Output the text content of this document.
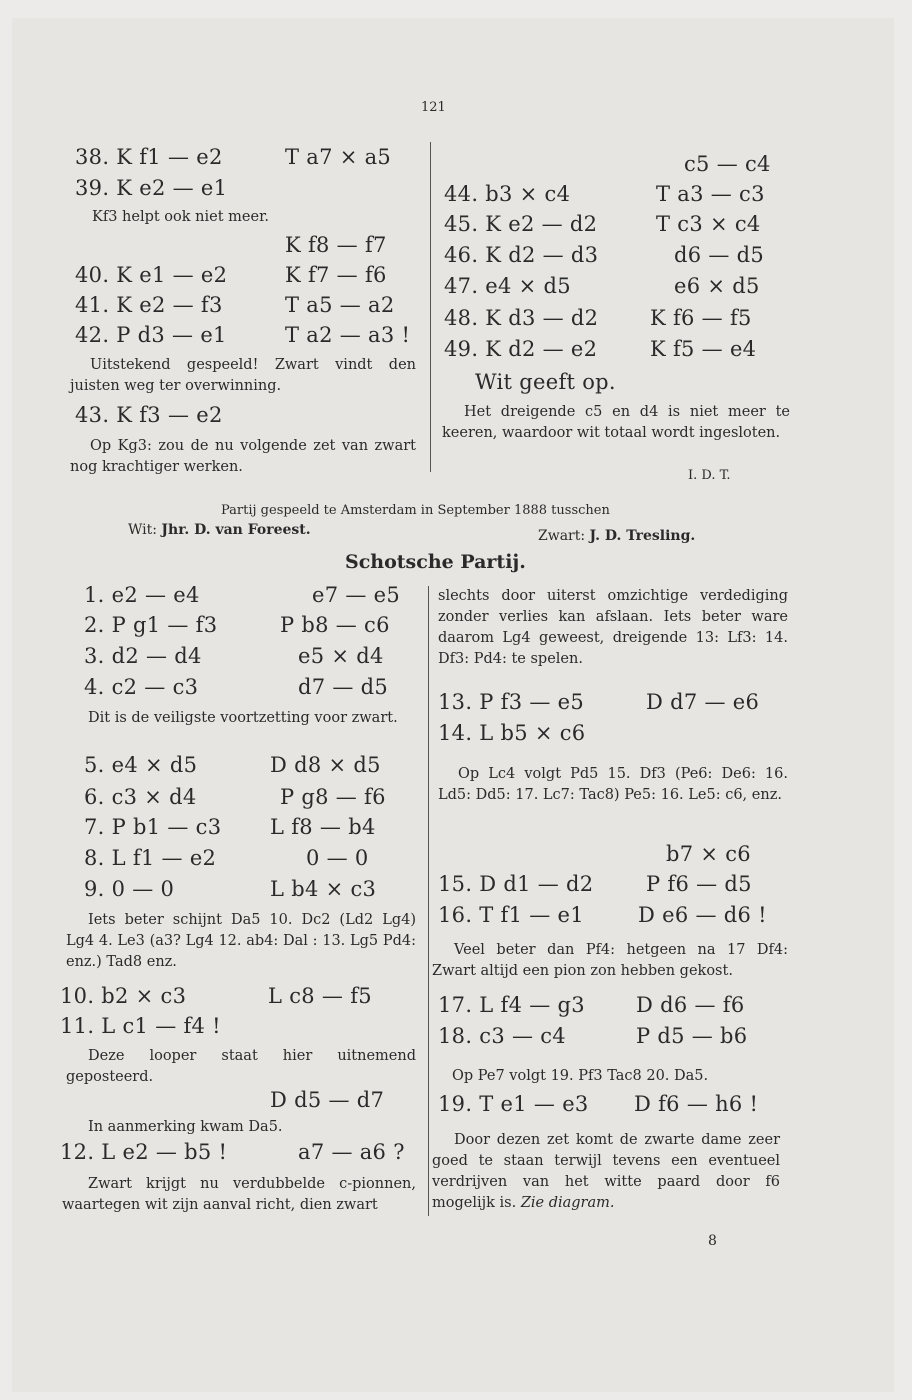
121
38. K f1 — e2	T a7 × a5
39. K e2 — e1
Kf3 helpt ook niet meer.
K f8 — f7
40. K e1 — e2	K f7 — f6
41. K e2 — f3	T a5 — a2
42. P d3 — e1	T a2 — a3 !
Uitstekend gespeeld! Zwart vindt den juisten weg ter overwinning.
43. K f3 — e2
Op Kg3: zou de nu volgende zet van zwart nog krachtiger werken.
c5 — c4
44. b3 × c4	T a3 — c3
45. K e2 — d2	T c3 × c4
46. K d2 — d3	d6 — d5
47. e4 × d5	e6 × d5
48. K d3 — d2 K f6 — f5
49. K d2 — e2	K f5 — e4
Wit geeft op.
Het dreigende c5 en d4 is niet meer te keeren, waardoor wit totaal wordt ingesloten.
I. D. T.
Partij gespeeld te Amsterdam in September 1888 tusschen
Wit: Jhr. D. van Foreest.	Zwart: J. D. Tresling.
Schotsche Partij.
1. e2 — e4	e7 — e5
2. P g1 — f3	P b8 — c6
3. d2 — d4	e5 × d4
4. c2 — c3	d7 — d5
Dit is de veiligste voortzetting voor zwart.
5. e4 × d5	D d8 × d5
6. c3 × d4	P g8 — f6
7. P b1 — c3 L f8 — b4
8. L f1 — e2	0 — 0
9. 0 — 0	L b4 × c3
Iets beter schijnt Da5 10. Dc2 (Ld2 Lg4) Lg4 4. Le3 (a3? Lg4 12. ab4: Dal : 13. Lg5 Pd4: enz.) Tad8 enz.
10. b2 × c3	L c8 — f5
11. L c1 — f4 !
Deze looper staat hier uitnemend geposteerd.
D d5 — d7
In aanmerking kwam Da5.
12. L e2 — b5 !	a7 — a6 ?
Zwart krijgt nu verdubbelde c-pionnen, waartegen wit zijn aanval richt, dien zwart
slechts door uiterst omzichtige verdediging zonder verlies kan afslaan. Iets beter ware daarom Lg4 geweest, dreigende 13: Lf3: 14. Df3: Pd4: te spelen.
13. P f3 — e5	D d7 — e6
14. L b5 × c6
Op Lc4 volgt Pd5 15. Df3 (Pe6: De6: 16. Ld5: Dd5: 17. Lc7: Tac8) Pe5: 16. Le5: c6, enz.
b7 × c6
15. D d1 — d2	P f6 — d5
16. T f1 — e1	D e6 — d6 !
Veel beter dan Pf4: hetgeen na 17 Df4: Zwart altijd een pion zon hebben gekost.
17. L f4 — g3 D d6 — f6
18. c3 — c4	P d5 — b6
Op Pe7 volgt 19. Pf3 Tac8 20. Da5.
19. T e1 — e3 D f6 — h6 !
Door dezen zet komt de zwarte dame zeer goed te staan terwijl tevens een eventueel verdrijven van het witte paard door f6 mogelijk is. Zie diagram.
8
